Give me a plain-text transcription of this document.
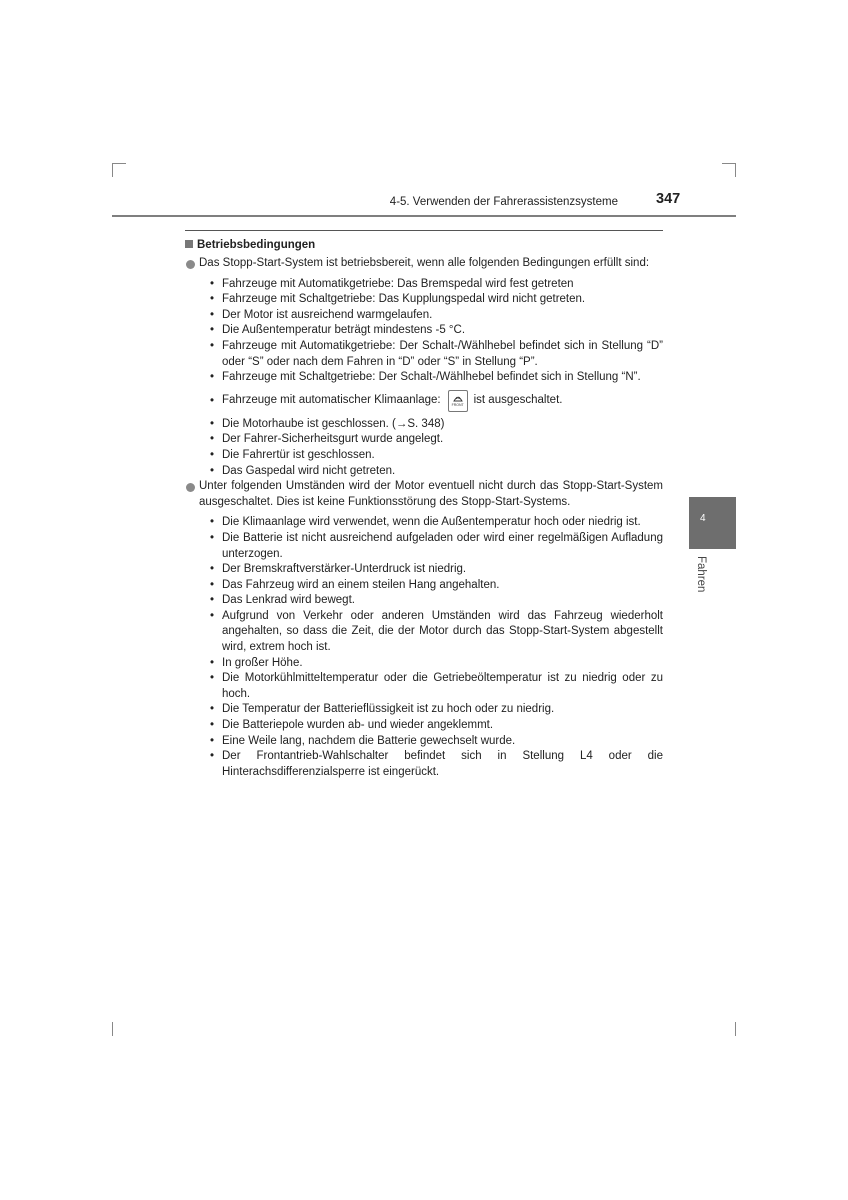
4-5. Verwenden der Fahrerassistenzsysteme	347
4
Fahren
Betriebsbedingungen
Das Stopp-Start-System ist betriebsbereit, wenn alle folgenden Bedingungen erfüllt sind:
• Fahrzeuge mit Automatikgetriebe: Das Bremspedal wird fest getreten
• Fahrzeuge mit Schaltgetriebe: Das Kupplungspedal wird nicht getreten.
• Der Motor ist ausreichend warmgelaufen.
• Die Außentemperatur beträgt mindestens -5 °C.
• Fahrzeuge mit Automatikgetriebe: Der Schalt-/Wählhebel befindet sich in Stellung “D” oder “S” oder nach dem Fahren in “D” oder “S” in Stellung “P”.
• Fahrzeuge mit Schaltgetriebe: Der Schalt-/Wählhebel befindet sich in Stellung “N”.
• Fahrzeuge mit automatischer Klimaanlage:	FRONT ist ausgeschaltet.
• Die Motorhaube ist geschlossen. (→S. 348)
• Der Fahrer-Sicherheitsgurt wurde angelegt.
• Die Fahrertür ist geschlossen.
• Das Gaspedal wird nicht getreten.
Unter folgenden Umständen wird der Motor eventuell nicht durch das Stopp-Start-System ausgeschaltet. Dies ist keine Funktionsstörung des Stopp-Start-Systems.
• Die Klimaanlage wird verwendet, wenn die Außentemperatur hoch oder niedrig ist.
• Die Batterie ist nicht ausreichend aufgeladen oder wird einer regelmäßigen Aufladung unterzogen.
• Der Bremskraftverstärker-Unterdruck ist niedrig.
• Das Fahrzeug wird an einem steilen Hang angehalten.
• Das Lenkrad wird bewegt.
• Aufgrund von Verkehr oder anderen Umständen wird das Fahrzeug wiederholt angehalten, so dass die Zeit, die der Motor durch das Stopp-Start-System abgestellt wird, extrem hoch ist.
• In großer Höhe.
• Die Motorkühlmitteltemperatur oder die Getriebeöltemperatur ist zu niedrig oder zu hoch.
• Die Temperatur der Batterieflüssigkeit ist zu hoch oder zu niedrig.
• Die Batteriepole wurden ab- und wieder angeklemmt.
• Eine Weile lang, nachdem die Batterie gewechselt wurde.
• Der Frontantrieb-Wahlschalter befindet sich in Stellung L4 oder die Hinterachsdifferenzialsperre ist eingerückt.
